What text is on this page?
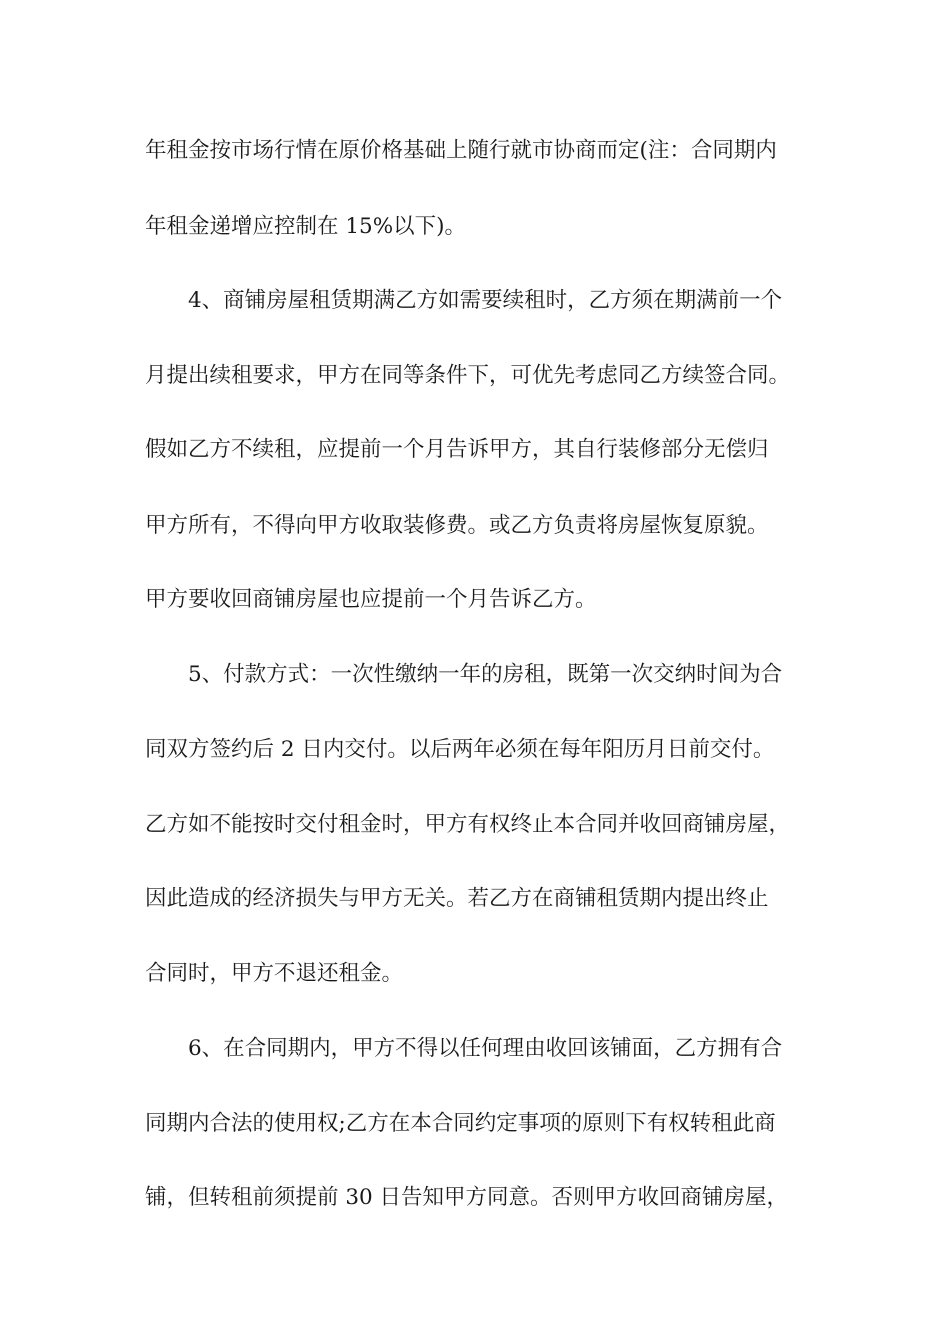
年租金按市场行情在原价格基础上随行就市协商而定(注：合同期内

年租金递增应控制在 15%以下)。

4、商铺房屋租赁期满乙方如需要续租时，乙方须在期满前一个

月提出续租要求，甲方在同等条件下，可优先考虑同乙方续签合同。

假如乙方不续租，应提前一个月告诉甲方，其自行装修部分无偿归

甲方所有，不得向甲方收取装修费。或乙方负责将房屋恢复原貌。

甲方要收回商铺房屋也应提前一个月告诉乙方。

5、付款方式：一次性缴纳一年的房租，既第一次交纳时间为合

同双方签约后 2 日内交付。以后两年必须在每年阳历月日前交付。

乙方如不能按时交付租金时，甲方有权终止本合同并收回商铺房屋，

因此造成的经济损失与甲方无关。若乙方在商铺租赁期内提出终止

合同时，甲方不退还租金。

6、在合同期内，甲方不得以任何理由收回该铺面，乙方拥有合

同期内合法的使用权;乙方在本合同约定事项的原则下有权转租此商

铺，但转租前须提前 30 日告知甲方同意。否则甲方收回商铺房屋，
